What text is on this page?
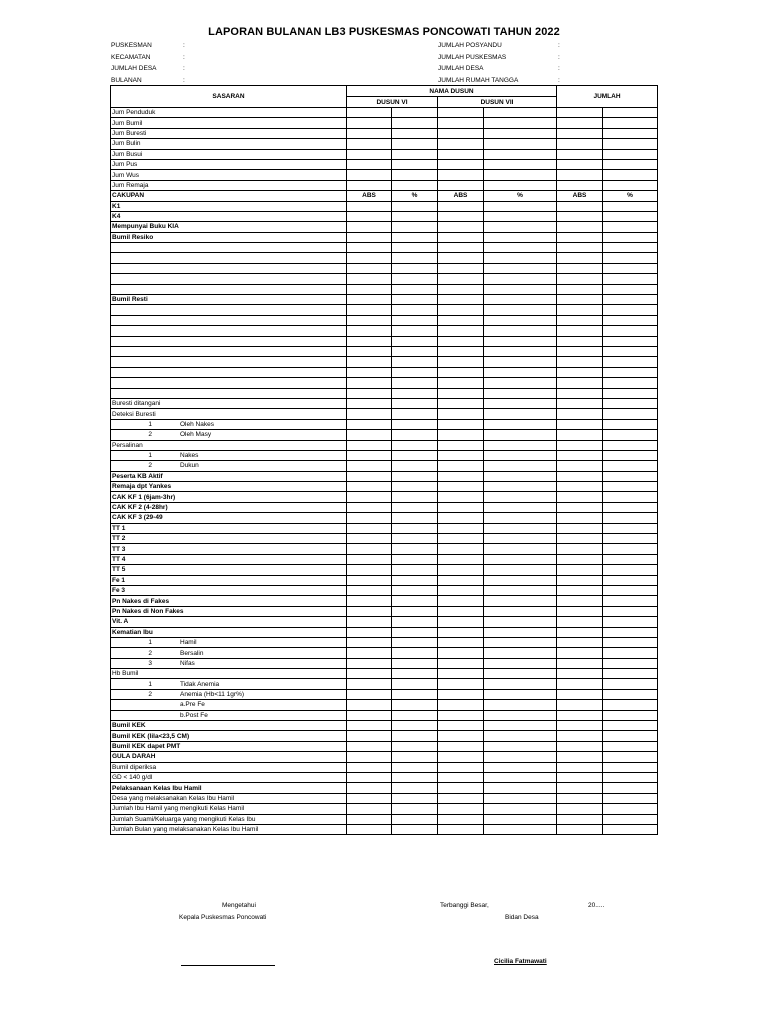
LAPORAN BULANAN LB3 PUSKESMAS PONCOWATI TAHUN 2022
PUSKESMAN	:
KECAMATAN	:
JUMLAH DESA	:
BULANAN	:
JUMLAH POSYANDU	:
JUMLAH PUSKESMAS	:
JUMLAH DESA	:
JUMLAH RUMAH TANGGA	:
SASARAN	NAMA DUSUN				JUMLAH	
	DUSUN VI		DUSUN VII			
Jum Penduduk						
Jum Bumil						
Jum Buresti						
Jum Bulin						
Jum Busui						
Jum Pus						
Jum Wus						
Jum Remaja						
CAKUPAN	ABS	%	ABS	%	ABS	%
K1						
K4						
Mempunyai Buku KIA						
Bumil Resiko						

Bumil Resti						

Buresti ditangani						
Deteksi Buresti						
1 Oleh Nakes						
2 Oleh Masy						
Persalinan						
1 Nakes						
2 Dukun						
Peserta KB Aktif						
Remaja dpt Yankes						
CAK KF 1 (6jam-3hr)						
CAK KF 2 (4-28hr)						
CAK KF 3 (29-49						
TT 1						
TT 2						
TT 3						
TT 4						
TT 5						
Fe 1						
Fe 3						
Pn Nakes di Fakes						
Pn Nakes di Non Fakes						
Vit. A						
Kematian Ibu						
1 Hamil						
2 Bersalin						
3 Nifas						
Hb Bumil						
1 Tidak Anemia						
2 Anemia (Hb<11 1gr%)						
a.Pre Fe						
b.Post Fe						
Bumil KEK						
Bumil KEK (lila<23,5 CM)						
Bumil KEK dapet PMT						
GULA DARAH						
Bumil diperiksa						
GD < 140 g/dl						
Pelaksanaan Kelas Ibu Hamil						
Desa yang melaksanakan Kelas Ibu Hamil						
Jumlah Ibu Hamil yang mengikuti Kelas Hamil						
Jumlah Suami/Keluarga yang mengikuti Kelas Ibu						
Jumlah Bulan yang melaksanakan Kelas Ibu Hamil						
Mengetahui
Kepala Puskesmas Poncowati
Terbanggi Besar,	20.....
Bidan Desa
Cicilia Fatmawati
